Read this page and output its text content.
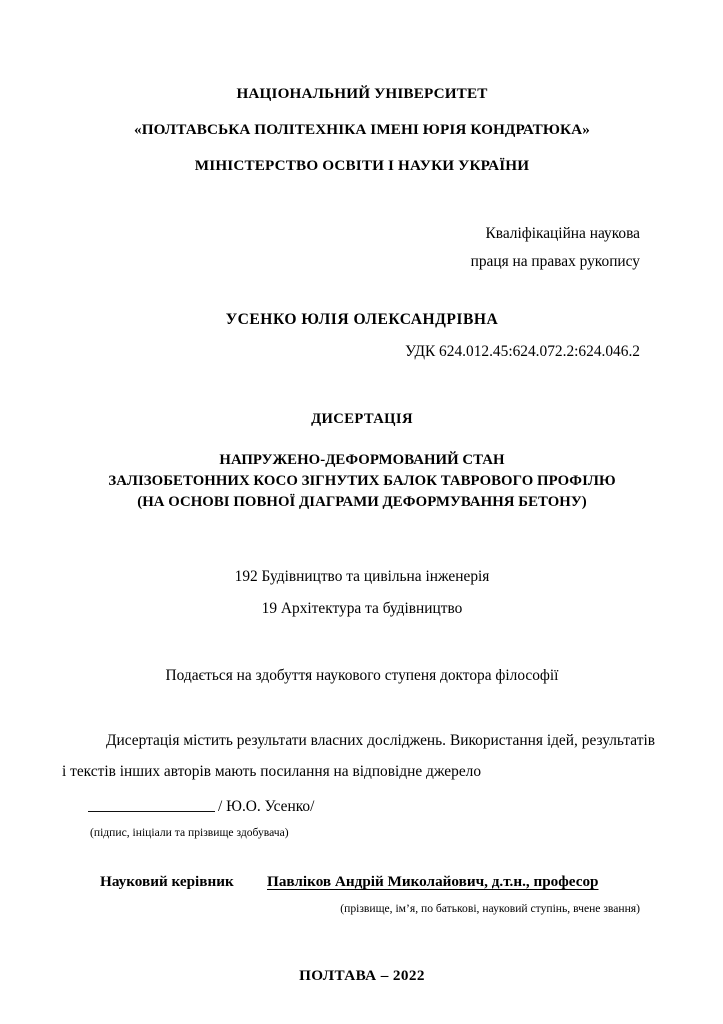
НАЦІОНАЛЬНИЙ УНІВЕРСИТЕТ
«ПОЛТАВСЬКА ПОЛІТЕХНІКА ІМЕНІ ЮРІЯ КОНДРАТЮКА»
МІНІСТЕРСТВО ОСВІТИ І НАУКИ УКРАЇНИ
Кваліфікаційна наукова
праця на правах рукопису
УСЕНКО ЮЛІЯ ОЛЕКСАНДРІВНА
УДК 624.012.45:624.072.2:624.046.2
ДИСЕРТАЦІЯ
НАПРУЖЕНО-ДЕФОРМОВАНИЙ СТАН
ЗАЛІЗОБЕТОННИХ КОСО ЗІГНУТИХ БАЛОК ТАВРОВОГО ПРОФІЛЮ
(НА ОСНОВІ ПОВНОЇ ДІАГРАМИ ДЕФОРМУВАННЯ БЕТОНУ)
192 Будівництво та цивільна інженерія
19 Архітектура та будівництво
Подається на здобуття наукового ступеня доктора філософії
Дисертація містить результати власних досліджень. Використання ідей, результатів і текстів інших авторів мають посилання на відповідне джерело
/ Ю.О. Усенко/
(підпис, ініціали та прізвище здобувача)
Науковий керівник	Павліков Андрій Миколайович, д.т.н., професор
(прізвище, ім’я, по батькові, науковий ступінь, вчене звання)
ПОЛТАВА – 2022
